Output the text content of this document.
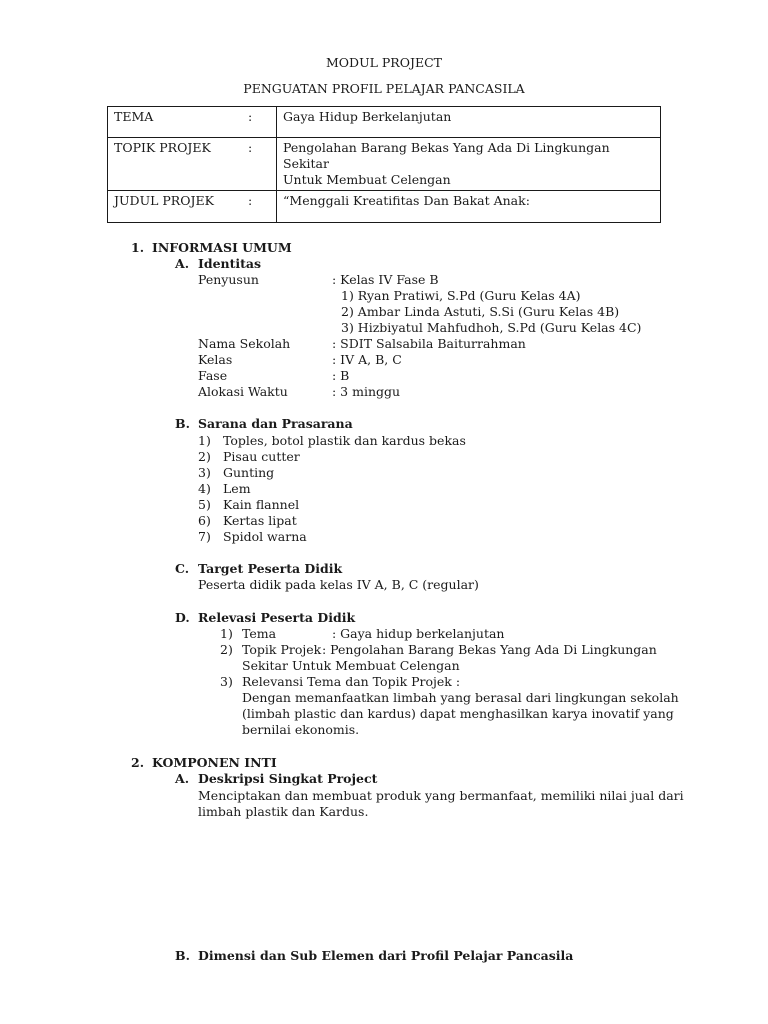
MODUL PROJECT
PENGUATAN PROFIL PELAJAR PANCASILA
TEMA	:	Gaya Hidup Berkelanjutan
TOPIK PROJEK	:	Pengolahan Barang Bekas Yang Ada Di Lingkungan Sekitar
Untuk Membuat Celengan
JUDUL PROJEK	:	“Menggali Kreatifitas Dan Bakat Anak:
1. INFORMASI UMUM
A. Identitas
Penyusun	: Kelas IV Fase B
1) Ryan Pratiwi, S.Pd (Guru Kelas 4A)
2) Ambar Linda Astuti, S.Si (Guru Kelas 4B)
3) Hizbiyatul Mahfudhoh, S.Pd (Guru Kelas 4C)
Nama Sekolah	: SDIT Salsabila Baiturrahman
Kelas	: IV A, B, C
Fase	: B
Alokasi Waktu	: 3 minggu
B. Sarana dan Prasarana
1) Toples, botol plastik dan kardus bekas
2) Pisau cutter
3) Gunting
4) Lem
5) Kain flannel
6) Kertas lipat
7) Spidol warna
C. Target Peserta Didik
Peserta didik pada kelas IV A, B, C (regular)
D. Relevasi Peserta Didik
1) Tema	: Gaya hidup berkelanjutan
2) Topik Projek : Pengolahan Barang Bekas Yang Ada Di Lingkungan
Sekitar Untuk Membuat Celengan
3) Relevansi Tema dan Topik Projek :
Dengan memanfaatkan limbah yang berasal dari lingkungan sekolah
(limbah plastic dan kardus) dapat menghasilkan karya inovatif yang
bernilai ekonomis.
2. KOMPONEN INTI
A. Deskripsi Singkat Project
Menciptakan dan membuat produk yang bermanfaat, memiliki nilai jual dari
limbah plastik dan Kardus.
B. Dimensi dan Sub Elemen dari Profil Pelajar Pancasila
